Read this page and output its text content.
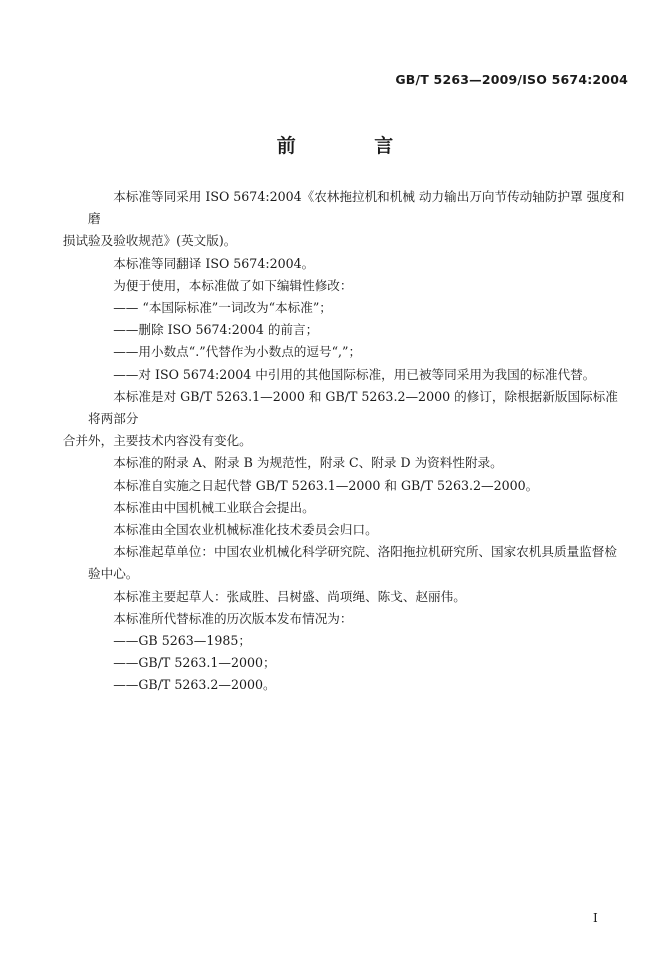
GB/T 5263—2009/ISO 5674:2004
前 言

本标准等同采用 ISO 5674:2004《农林拖拉机和机械 动力输出万向节传动轴防护罩 强度和磨

损试验及验收规范》(英文版)。

本标准等同翻译 ISO 5674:2004。

为便于使用，本标准做了如下编辑性修改：

—— “本国际标准”一词改为“本标准”；

——删除 ISO 5674:2004 的前言；

——用小数点“.”代替作为小数点的逗号“,”；

——对 ISO 5674:2004 中引用的其他国际标准，用已被等同采用为我国的标准代替。

本标准是对 GB/T 5263.1—2000 和 GB/T 5263.2—2000 的修订，除根据新版国际标准将两部分

合并外，主要技术内容没有变化。

本标准的附录 A、附录 B 为规范性，附录 C、附录 D 为资料性附录。

本标准自实施之日起代替 GB/T 5263.1—2000 和 GB/T 5263.2—2000。

本标准由中国机械工业联合会提出。

本标准由全国农业机械标准化技术委员会归口。

本标准起草单位：中国农业机械化科学研究院、洛阳拖拉机研究所、国家农机具质量监督检验中心。

本标准主要起草人：张咸胜、吕树盛、尚项绳、陈戈、赵丽伟。

本标准所代替标准的历次版本发布情况为：

——GB 5263—1985；

——GB/T 5263.1—2000；

——GB/T 5263.2—2000。

I
